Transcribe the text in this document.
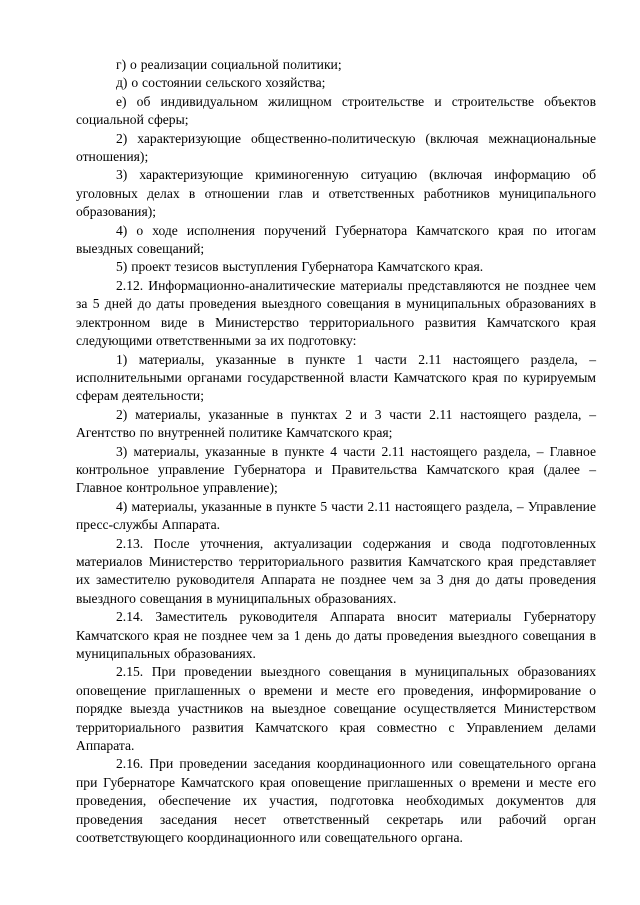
г) о реализации социальной политики;

д) о состоянии сельского хозяйства;

е) об индивидуальном жилищном строительстве и строительстве объектов социальной сферы;

2) характеризующие общественно-политическую (включая межнациональные отношения);

3) характеризующие криминогенную ситуацию (включая информацию об уголовных делах в отношении глав и ответственных работников муниципального образования);

4) о ходе исполнения поручений Губернатора Камчатского края по итогам выездных совещаний;

5) проект тезисов выступления Губернатора Камчатского края.

2.12. Информационно-аналитические материалы представляются не позднее чем за 5 дней до даты проведения выездного совещания в муниципальных образованиях в электронном виде в Министерство территориального развития Камчатского края следующими ответственными за их подготовку:

1) материалы, указанные в пункте 1 части 2.11 настоящего раздела, – исполнительными органами государственной власти Камчатского края по курируемым сферам деятельности;

2) материалы, указанные в пунктах 2 и 3 части 2.11 настоящего раздела, – Агентство по внутренней политике Камчатского края;

3) материалы, указанные в пункте 4 части 2.11 настоящего раздела, – Главное контрольное управление Губернатора и Правительства Камчатского края (далее – Главное контрольное управление);

4) материалы, указанные в пункте 5 части 2.11 настоящего раздела, – Управление пресс-службы Аппарата.

2.13. После уточнения, актуализации содержания и свода подготовленных материалов Министерство территориального развития Камчатского края представляет их заместителю руководителя Аппарата не позднее чем за 3 дня до даты проведения выездного совещания в муниципальных образованиях.

2.14. Заместитель руководителя Аппарата вносит материалы Губернатору Камчатского края не позднее чем за 1 день до даты проведения выездного совещания в муниципальных образованиях.

2.15. При проведении выездного совещания в муниципальных образованиях оповещение приглашенных о времени и месте его проведения, информирование о порядке выезда участников на выездное совещание осуществляется Министерством территориального развития Камчатского края совместно с Управлением делами Аппарата.

2.16. При проведении заседания координационного или совещательного органа при Губернаторе Камчатского края оповещение приглашенных о времени и месте его проведения, обеспечение их участия, подготовка необходимых документов для проведения заседания несет ответственный секретарь или рабочий орган соответствующего координационного или совещательного органа.
